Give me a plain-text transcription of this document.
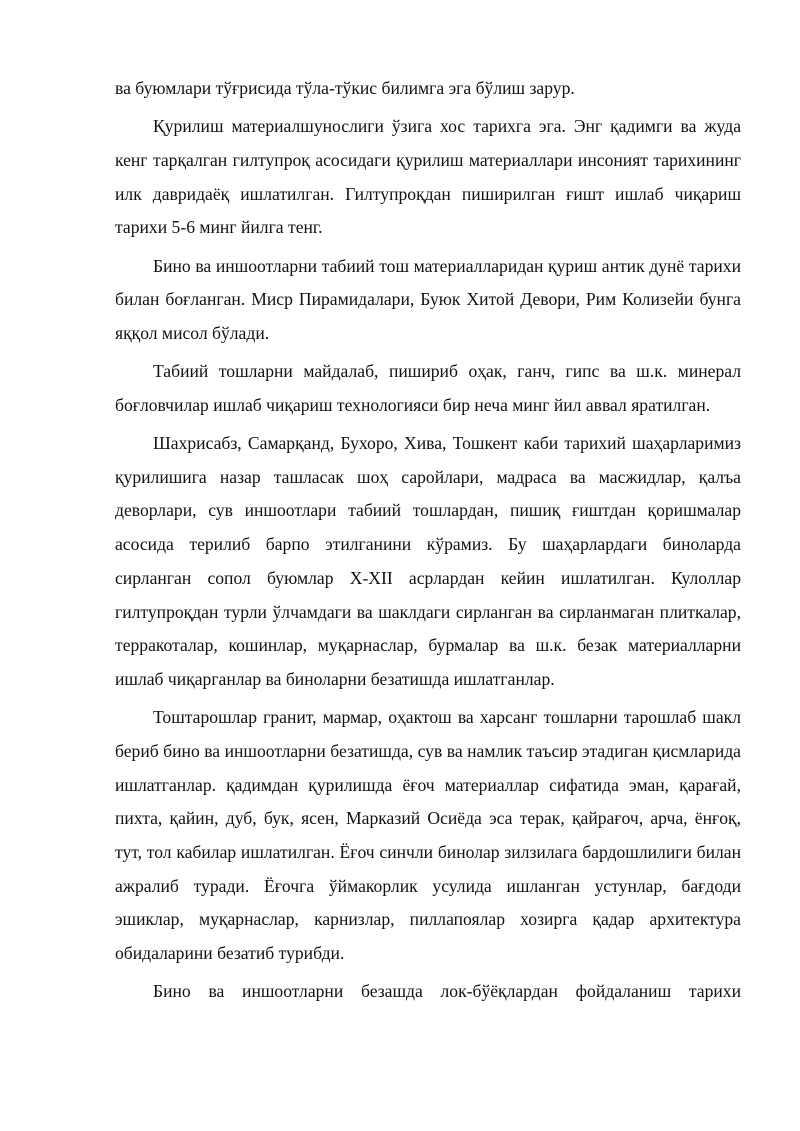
ва буюмлари тўғрисида тўла-тўкис билимга эга бўлиш зарур.

Қурилиш материалшунослиги ўзига хос тарихга эга. Энг қадимги ва жуда кенг тарқалган гилтупроқ асосидаги қурилиш материаллари инсоният тарихининг илк давридаёқ ишлатилган. Гилтупроқдан пиширилган ғишт ишлаб чиқариш тарихи 5-6 минг йилга тенг.

Бино ва иншоотларни табиий тош материалларидан қуриш антик дунё тарихи билан боғланган. Миср Пирамидалари, Буюк Хитой Девори, Рим Колизейи бунга яққол мисол бўлади.

Табиий тошларни майдалаб, пишириб оҳак, ганч, гипс ва ш.к. минерал боғловчилар ишлаб чиқариш технологияси бир неча минг йил аввал яратилган.

Шахрисабз, Самарқанд, Бухоро, Хива, Тошкент каби тарихий шаҳарларимиз қурилишига назар ташласак шоҳ саройлари, мадраса ва масжидлар, қалъа деворлари, сув иншоотлари табиий тошлардан, пишиқ ғиштдан қоришмалар асосида терилиб барпо этилганини кўрамиз. Бу шаҳарлардаги биноларда сирланган сопол буюмлар X-XII асрлардан кейин ишлатилган. Кулоллар гилтупроқдан турли ўлчамдаги ва шаклдаги сирланган ва сирланмаган плиткалар, терракоталар, кошинлар, муқарнаслар, бурмалар ва ш.к. безак материалларни ишлаб чиқарганлар ва биноларни безатишда ишлатганлар.

Тоштарошлар гранит, мармар, оҳактош ва харсанг тошларни тарошлаб шакл бериб бино ва иншоотларни безатишда, сув ва намлик таъсир этадиган қисмларида ишлатганлар. қадимдан қурилишда ёғоч материаллар сифатида эман, қарағай, пихта, қайин, дуб, бук, ясен, Марказий Осиёда эса терак, қайрағоч, арча, ёнғоқ, тут, тол кабилар ишлатилган. Ёғоч синчли бинолар зилзилага бардошлилиги билан ажралиб туради. Ёғочга ўймакорлик усулида ишланган устунлар, бағдоди эшиклар, муқарнаслар, карнизлар, пиллапоялар хозирга қадар архитектура обидаларини безатиб турибди.

Бино ва иншоотларни безашда лок-бўёқлардан фойдаланиш тарихи
